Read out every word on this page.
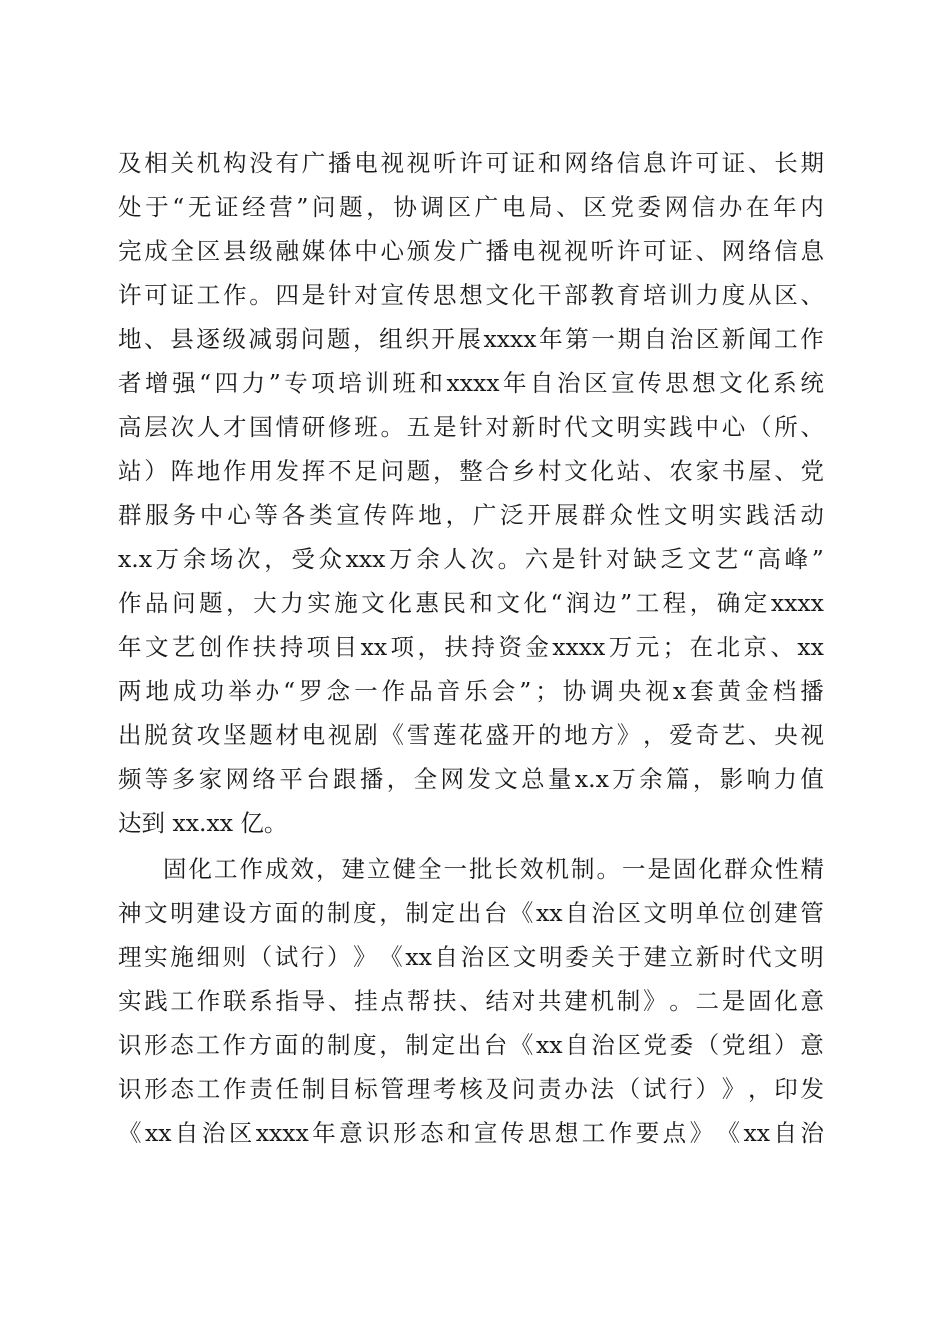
及 相 关 机 构 没 有 广 播 电 视 视 听 许 可 证 和 网 络 信 息 许 可 证 、 长 期
处 于 “ 无 证 经 营 ” 问 题 ， 协 调 区 广 电 局 、 区 党 委 网 信 办 在 年 内
完 成 全 区 县 级 融 媒 体 中 心 颁 发 广 播 电 视 视 听 许 可 证 、 网 络 信 息
许 可 证 工 作 。 四 是 针 对 宣 传 思 想 文 化 干 部 教 育 培 训 力 度 从 区 、
地 、 县 逐 级 减 弱 问 题 ， 组 织 开 展 xxxx 年 第 一 期 自 治 区 新 闻 工 作
者 增 强 “ 四 力 ” 专 项 培 训 班 和 xxxx 年 自 治 区 宣 传 思 想 文 化 系 统
高 层 次 人 才 国 情 研 修 班 。 五 是 针 对 新 时 代 文 明 实 践 中 心 （ 所 、
站 ） 阵 地 作 用 发 挥 不 足 问 题 ， 整 合 乡 村 文 化 站 、 农 家 书 屋 、 党
群 服 务 中 心 等 各 类 宣 传 阵 地 ， 广 泛 开 展 群 众 性 文 明 实 践 活 动
x.x 万 余 场 次 ， 受 众 xxx 万 余 人 次 。 六 是 针 对 缺 乏 文 艺 “ 高 峰 ”
作 品 问 题 ， 大 力 实 施 文 化 惠 民 和 文 化 “ 润 边 ” 工 程 ， 确 定 xxxx
年 文 艺 创 作 扶 持 项 目 xx 项 ， 扶 持 资 金 xxxx 万 元 ； 在 北 京 、 xx
两 地 成 功 举 办 “ 罗 念 一 作 品 音 乐 会 ” ； 协 调 央 视 x 套 黄 金 档 播
出 脱 贫 攻 坚 题 材 电 视 剧 《 雪 莲 花 盛 开 的 地 方 》 ， 爱 奇 艺 、 央 视
频 等 多 家 网 络 平 台 跟 播 ， 全 网 发 文 总 量 x.x 万 余 篇 ， 影 响 力 值
达到 xx.xx 亿。
固 化 工 作 成 效 ， 建 立 健 全 一 批 长 效 机 制 。 一 是 固 化 群 众 性 精
神 文 明 建 设 方 面 的 制 度 ， 制 定 出 台 《 xx 自 治 区 文 明 单 位 创 建 管
理 实 施 细 则 （ 试 行 ） 》 《 xx 自 治 区 文 明 委 关 于 建 立 新 时 代 文 明
实 践 工 作 联 系 指 导 、 挂 点 帮 扶 、 结 对 共 建 机 制 》 。 二 是 固 化 意
识 形 态 工 作 方 面 的 制 度 ， 制 定 出 台 《 xx 自 治 区 党 委 （ 党 组 ） 意
识 形 态 工 作 责 任 制 目 标 管 理 考 核 及 问 责 办 法 （ 试 行 ） 》 ， 印 发
《 xx 自 治 区 xxxx 年 意 识 形 态 和 宣 传 思 想 工 作 要 点 》 《 xx 自 治
